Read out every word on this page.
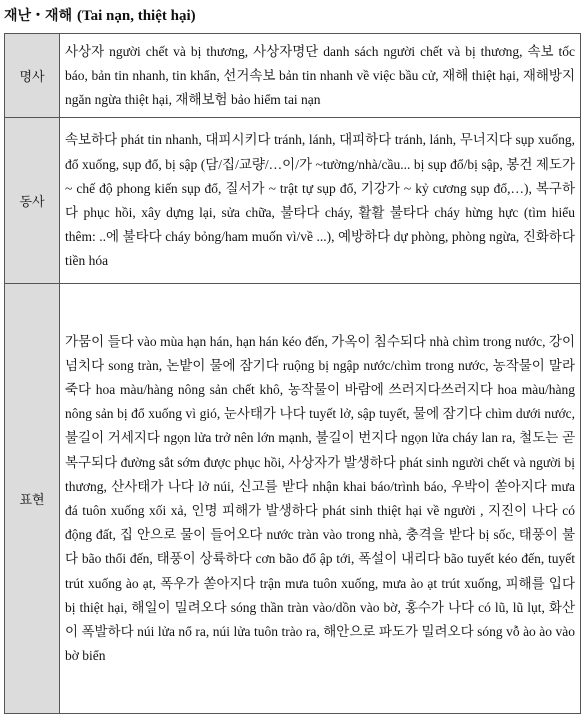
재난・재해 (Tai nạn, thiệt hại)
명사	사상자 người chết và bị thương, 사상자명단 danh sách người chết và bị thương, 속보 tốc báo, bản tin nhanh, tin khẩn, 선거속보 bản tin nhanh về việc bầu cử, 재해 thiệt hại, 재해방지 ngăn ngừa thiệt hại, 재해보험 bảo hiểm tai nạn
동사	속보하다 phát tin nhanh, 대피시키다 tránh, lánh, 대피하다 tránh, lánh, 무너지다 sụp xuống, đổ xuống, sụp đổ, bị sập (담/집/교량/…이/가 ~tường/nhà/cầu... bị sụp đổ/bị sập, 봉건 제도가 ~ chế độ phong kiến sụp đổ, 질서가 ~ trật tự sụp đổ, 기강가 ~ kỷ cương sụp đổ,…), 복구하다 phục hồi, xây dựng lại, sửa chữa, 불타다 cháy, 활활 불타다 cháy hừng hực (tìm hiểu thêm: ..에 불타다 cháy bỏng/ham muốn vì/về ...), 예방하다 dự phòng, phòng ngừa, 진화하다 tiền hóa
표현	가뭄이 들다 vào mùa hạn hán, hạn hán kéo đến, 가옥이 침수되다 nhà chìm trong nước, 강이 넘치다 song tràn, 논밭이 물에 잠기다 ruộng bị ngập nước/chìm trong nước, 농작물이 말라죽다 hoa màu/hàng nông sản chết khô, 농작물이 바람에 쓰러지다쓰러지다 hoa màu/hàng nông sản bị đổ xuống vì gió, 눈사태가 나다 tuyết lở, sập tuyết, 물에 잠기다 chìm dưới nước, 불길이 거세지다 ngọn lửa trở nên lớn mạnh, 불길이 번지다 ngọn lửa cháy lan ra, 철도는 곧 복구되다 đường sắt sớm được phục hồi, 사상자가 발생하다 phát sinh người chết và người bị thương, 산사태가 나다 lở núi, 신고를 받다 nhận khai báo/trình báo, 우박이 쏟아지다 mưa đá tuôn xuống xối xả, 인명 피해가 발생하다 phát sinh thiệt hại về người , 지진이 나다 có động đất, 집 안으로 물이 들어오다 nước tràn vào trong nhà, 충격을 받다 bị sốc, 태풍이 불다 bão thổi đến, 태풍이 상륙하다 cơn bão đổ ập tới, 폭설이 내리다 bão tuyết kéo đến, tuyết trút xuống ào ạt, 폭우가 쏟아지다 trận mưa tuôn xuống, mưa ào ạt trút xuống, 피해를 입다 bị thiệt hại, 해일이 밀려오다 sóng thần tràn vào/dồn vào bờ, 홍수가 나다 có lũ, lũ lụt, 화산이 폭발하다 núi lửa nổ ra, núi lửa tuôn trào ra, 해안으로 파도가 밀려오다 sóng vỗ ào ào vào bờ biển
